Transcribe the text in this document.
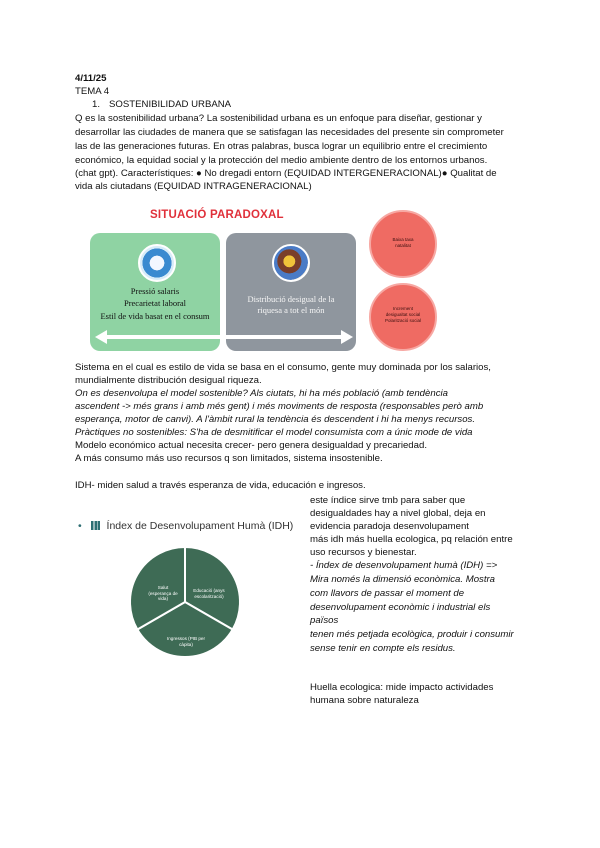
4/11/25
TEMA 4
1. SOSTENIBILIDAD URBANA
Q es la sostenibilidad urbana? La sostenibilidad urbana es un enfoque para diseñar, gestionar y
desarrollar las ciudades de manera que se satisfagan las necesidades del presente sin comprometer
las de las generaciones futuras. En otras palabras, busca lograr un equilibrio entre el crecimiento
económico, la equidad social y la protección del medio ambiente dentro de los entornos urbanos.
(chat gpt). Característiques: ● No dregadi entorn (EQUIDAD INTERGENERACIONAL)● Qualitat de
vida als ciutadans (EQUIDAD INTRAGENERACIONAL)
SITUACIÓ PARADOXAL
Pressió salaris
Precarietat laboral
Estil de vida basat en el consum
Distribució desigual de la
riquesa a tot el món
Baixa taxa
natalitat
Increment
desigualtat social
Polarització social
Sistema en el cual es estilo de vida se basa en el consumo, gente muy dominada por los salarios,
mundialmente distribución desigual riqueza.
On es desenvolupa el model sostenible? Als ciutats, hi ha més població (amb tendència
ascendent -> més grans i amb més gent) i més moviments de resposta (responsables però amb
esperança, motor de canvi). A l'àmbit rural la tendència és descendent i hi ha menys recursos.
Pràctiques no sostenibles: S'ha de desmitificar el model consumista com a únic mode de vida
Modelo económico actual necesita crecer- pero genera desigualdad y precariedad.
A más consumo más uso recursos q son limitados, sistema insostenible.
IDH- miden salud a través esperanza de vida, educación e ingresos.
• Índex de Desenvolupament Humà (IDH)
Salut
(esperança de
vida)
Educació (anys
escolarització)
Ingressos (PIB per
càpita)
este índice sirve tmb para saber que
desigualdades hay a nivel global, deja en
evidencia paradoja desenvolupament
más idh más huella ecologica, pq relación entre
uso recursos y bienestar.
- Índex de desenvolupament humà (IDH) =>
Mira només la dimensió econòmica. Mostra
com llavors de passar el moment de
desenvolupament econòmic i industrial els
països
tenen més petjada ecològica, produir i consumir
sense tenir en compte els residus.
Huella ecologica: mide impacto actividades
humana sobre naturaleza
